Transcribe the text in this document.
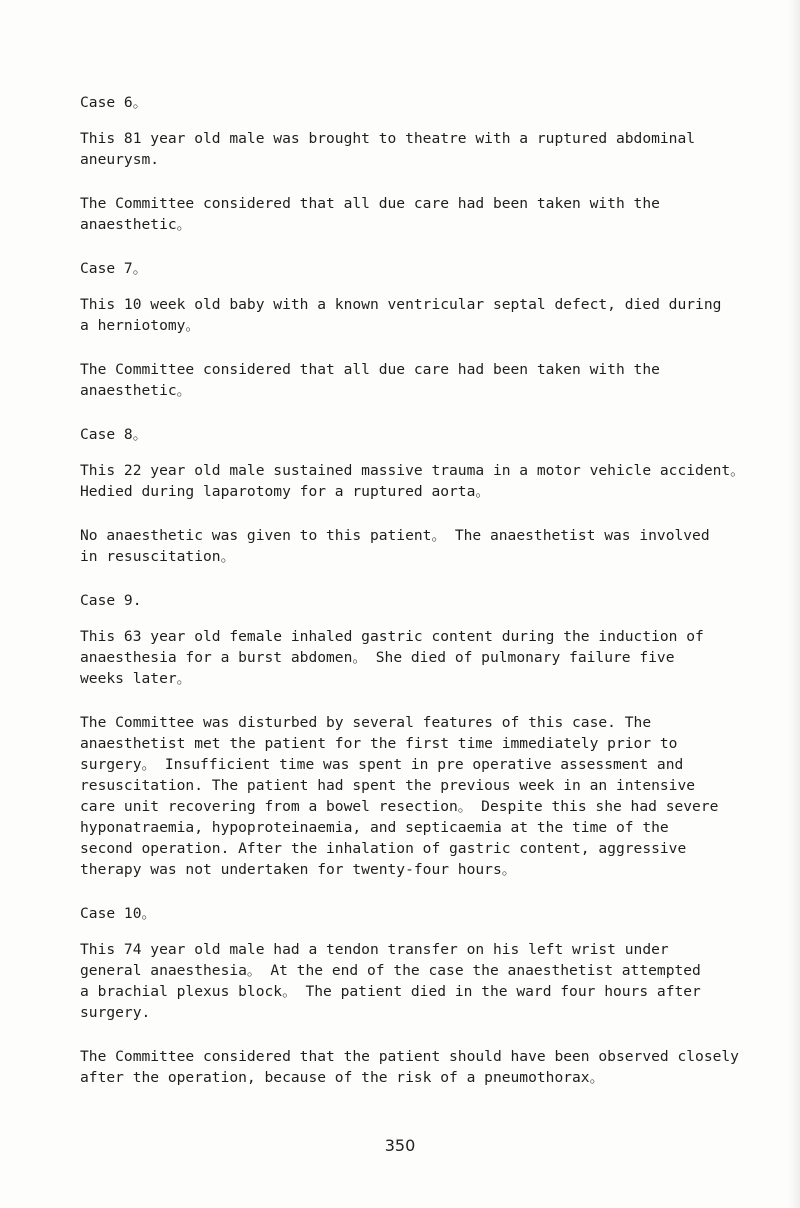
Case 6。
This 81 year old male was brought to theatre with a ruptured abdominal
aneurysm.
The Committee considered that all due care had been taken with the
anaesthetic。
Case 7。
This 10 week old baby with a known ventricular septal defect, died during
a herniotomy。
The Committee considered that all due care had been taken with the
anaesthetic。
Case 8。
This 22 year old male sustained massive trauma in a motor vehicle accident。
Hedied during laparotomy for a ruptured aorta。
No anaesthetic was given to this patient。 The anaesthetist was involved
in resuscitation。
Case 9.
This 63 year old female inhaled gastric content during the induction of
anaesthesia for a burst abdomen。 She died of pulmonary failure five
weeks later。
The Committee was disturbed by several features of this case. The
anaesthetist met the patient for the first time immediately prior to
surgery。 Insufficient time was spent in pre operative assessment and
resuscitation. The patient had spent the previous week in an intensive
care unit recovering from a bowel resection。 Despite this she had severe
hyponatraemia, hypoproteinaemia, and septicaemia at the time of the
second operation. After the inhalation of gastric content, aggressive
therapy was not undertaken for twenty-four hours。
Case 10。
This 74 year old male had a tendon transfer on his left wrist under
general anaesthesia。 At the end of the case the anaesthetist attempted
a brachial plexus block。 The patient died in the ward four hours after
surgery.
The Committee considered that the patient should have been observed closely
after the operation, because of the risk of a pneumothorax。
350
